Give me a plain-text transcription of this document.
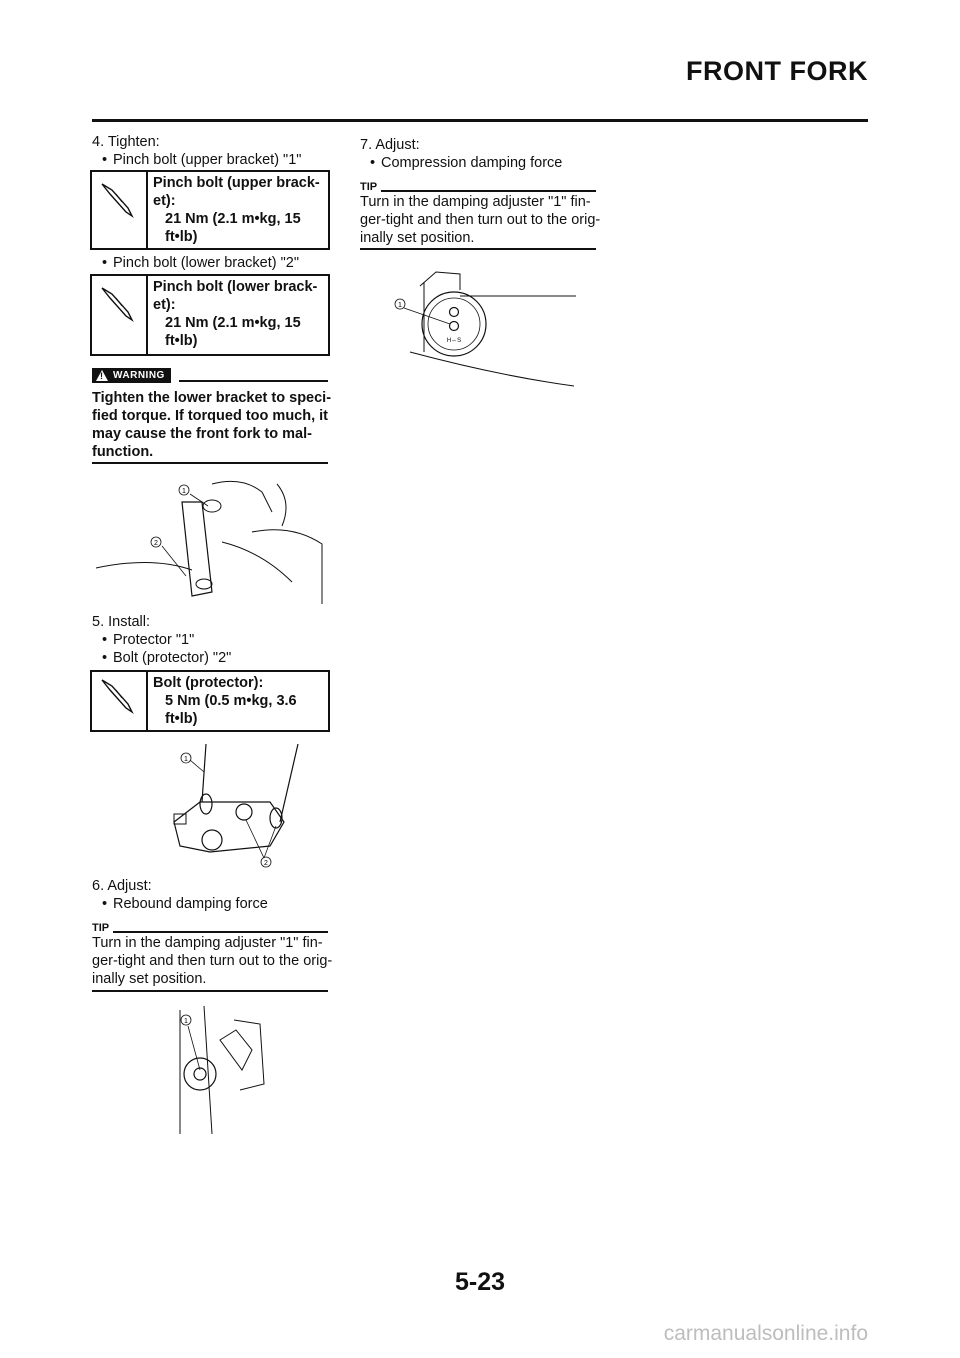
FRONT FORK
4. Tighten:
• Pinch bolt (upper bracket) "1"
Pinch bolt (upper brack-
et):
21 Nm (2.1 m•kg, 15
ft•lb)
• Pinch bolt (lower bracket) "2"
Pinch bolt (lower brack-
et):
21 Nm (2.1 m•kg, 15
ft•lb)
!
WARNING
Tighten the lower bracket to speci-
fied torque. If torqued too much, it
may cause the front fork to mal-
function.
1
2
5. Install:
• Protector "1"
• Bolt (protector) "2"
Bolt (protector):
5 Nm (0.5 m•kg, 3.6
ft•lb)
1
2
6. Adjust:
• Rebound damping force
TIP
Turn in the damping adjuster "1" fin-
ger-tight and then turn out to the orig-
inally set position.
1
7. Adjust:
• Compression damping force
TIP
Turn in the damping adjuster "1" fin-
ger-tight and then turn out to the orig-
inally set position.
H⇔S
1
5-23
carmanualsonline.info
